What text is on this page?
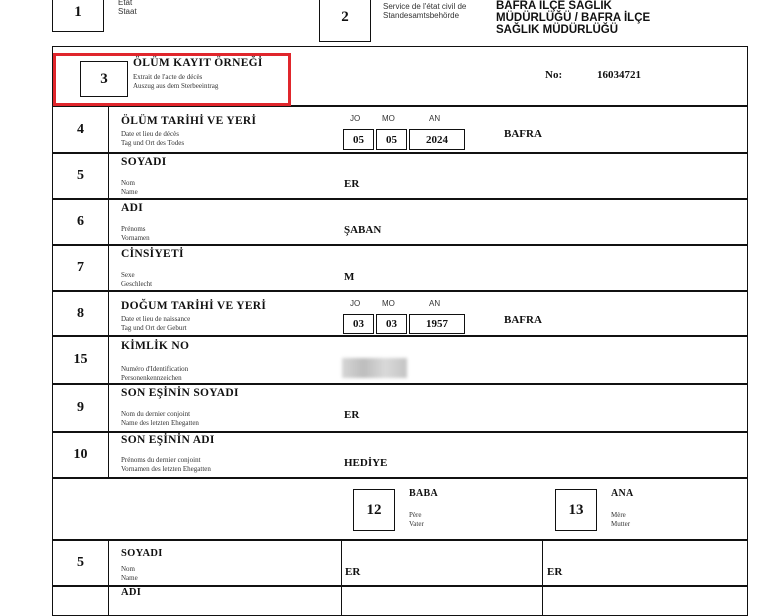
1
Etat
Staat	2
Service de l'état civil de
Standesamtsbehörde
BAFRA İLÇE SAĞLIK MÜDÜRLÜĞÜ / BAFRA İLÇE SAĞLIK MÜDÜRLÜĞÜ
3
ÖLÜM KAYIT ÖRNEĞİ
Extrait de l'acte de décès
Auszug aus dem Sterbeeintrag
No:	16034721
4
ÖLÜM TARİHİ VE YERİ
Date et lieu de décès
Tag und Ort des Todes
JO	MO	AN
05	05	2024	BAFRA
5
SOYADI
Nom
Name
ER
6
ADI
Prénoms
Vornamen
ŞABAN
7
CİNSİYETİ
Sexe
Geschlecht
M
8	DOĞUM TARİHİ VE YERİ
Date et lieu de naissance
Tag und Ort der Geburt
JO	MO	AN
03	03	1957	BAFRA
15
KİMLİK NO
Numéro d'Identification
Personenkennzeichen
9
SON EŞİNİN SOYADI
Nom du dernier conjoint
Name des letzten Ehegatten
ER
10
SON EŞİNİN ADI
Prénoms du dernier conjoint
Vornamen des letzten Ehegatten	HEDİYE
12
BABA
Père
Vater
13
ANA
Mère
Mutter
5
SOYADI
Nom
Name	ER	ER
ADI
